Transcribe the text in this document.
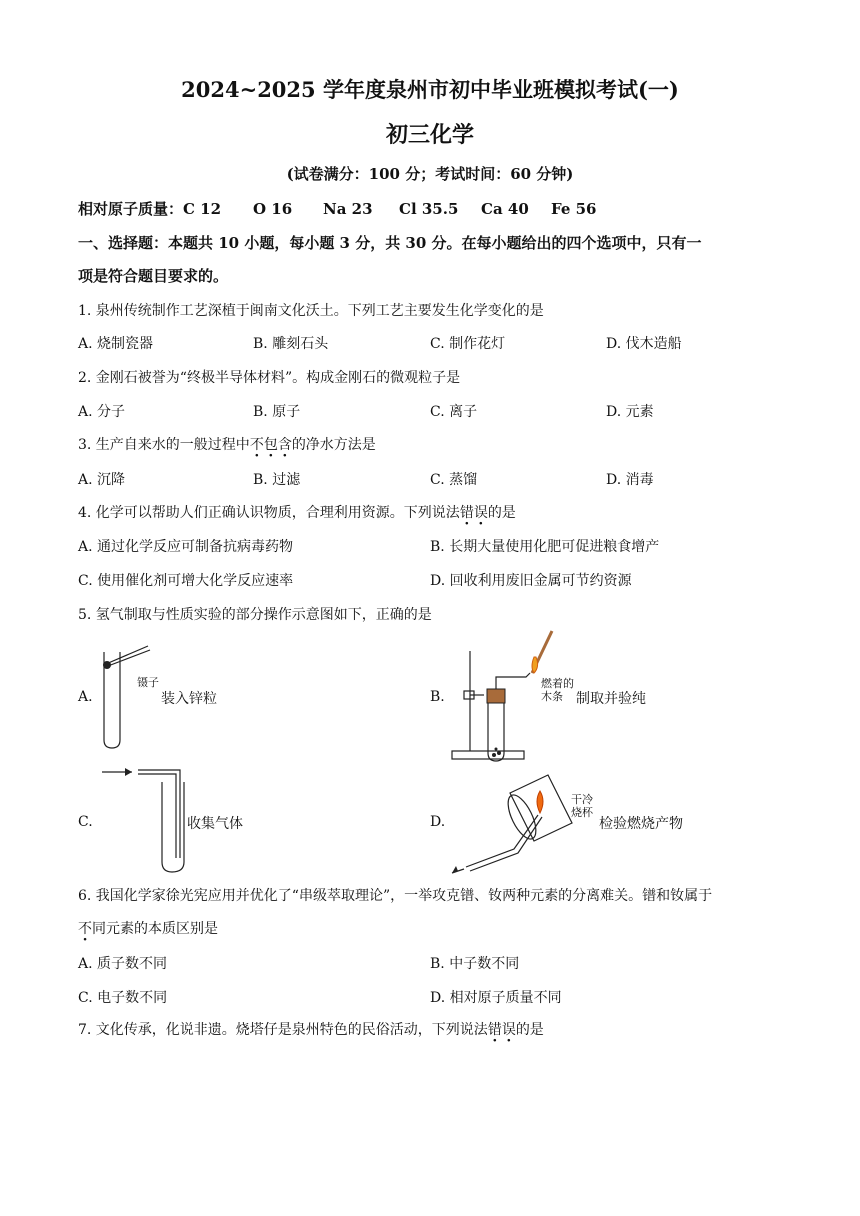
2024~2025 学年度泉州市初中毕业班模拟考试(一)
初三化学
(试卷满分：100 分；考试时间：60 分钟)
相对原子质量：C 12 O 16 Na 23 Cl 35.5 Ca 40 Fe 56
一、选择题：本题共 10 小题，每小题 3 分，共 30 分。在每小题给出的四个选项中，只有一
项是符合题目要求的。
1. 泉州传统制作工艺深植于闽南文化沃土。下列工艺主要发生化学变化的是
A. 烧制瓷器	B. 雕刻石头	C. 制作花灯	D. 伐木造船
2. 金刚石被誉为“终极半导体材料”。构成金刚石的微观粒子是
A. 分子	B. 原子	C. 离子	D. 元素
3. 生产自来水的一般过程中不包含的净水方法是
A. 沉降	B. 过滤	C. 蒸馏	D. 消毒
4. 化学可以帮助人们正确认识物质，合理利用资源。下列说法错误的是
A. 通过化学反应可制备抗病毒药物	B. 长期大量使用化肥可促进粮食增产
C. 使用催化剂可增大化学反应速率	D. 回收利用废旧金属可节约资源
5. 氢气制取与性质实验的部分操作示意图如下，正确的是
A.
镊子
装入锌粒	B.
燃着的
木条 制取并验纯
C.	收集气体	D.
干冷
烧杯
检验燃烧产物
6. 我国化学家徐光宪应用并优化了“串级萃取理论”，一举攻克镨、钕两种元素的分离难关。镨和钕属于
不同元素的本质区别是
A. 质子数不同	B. 中子数不同
C. 电子数不同	D. 相对原子质量不同
7. 文化传承，化说非遗。烧塔仔是泉州特色的民俗活动，下列说法错误的是
